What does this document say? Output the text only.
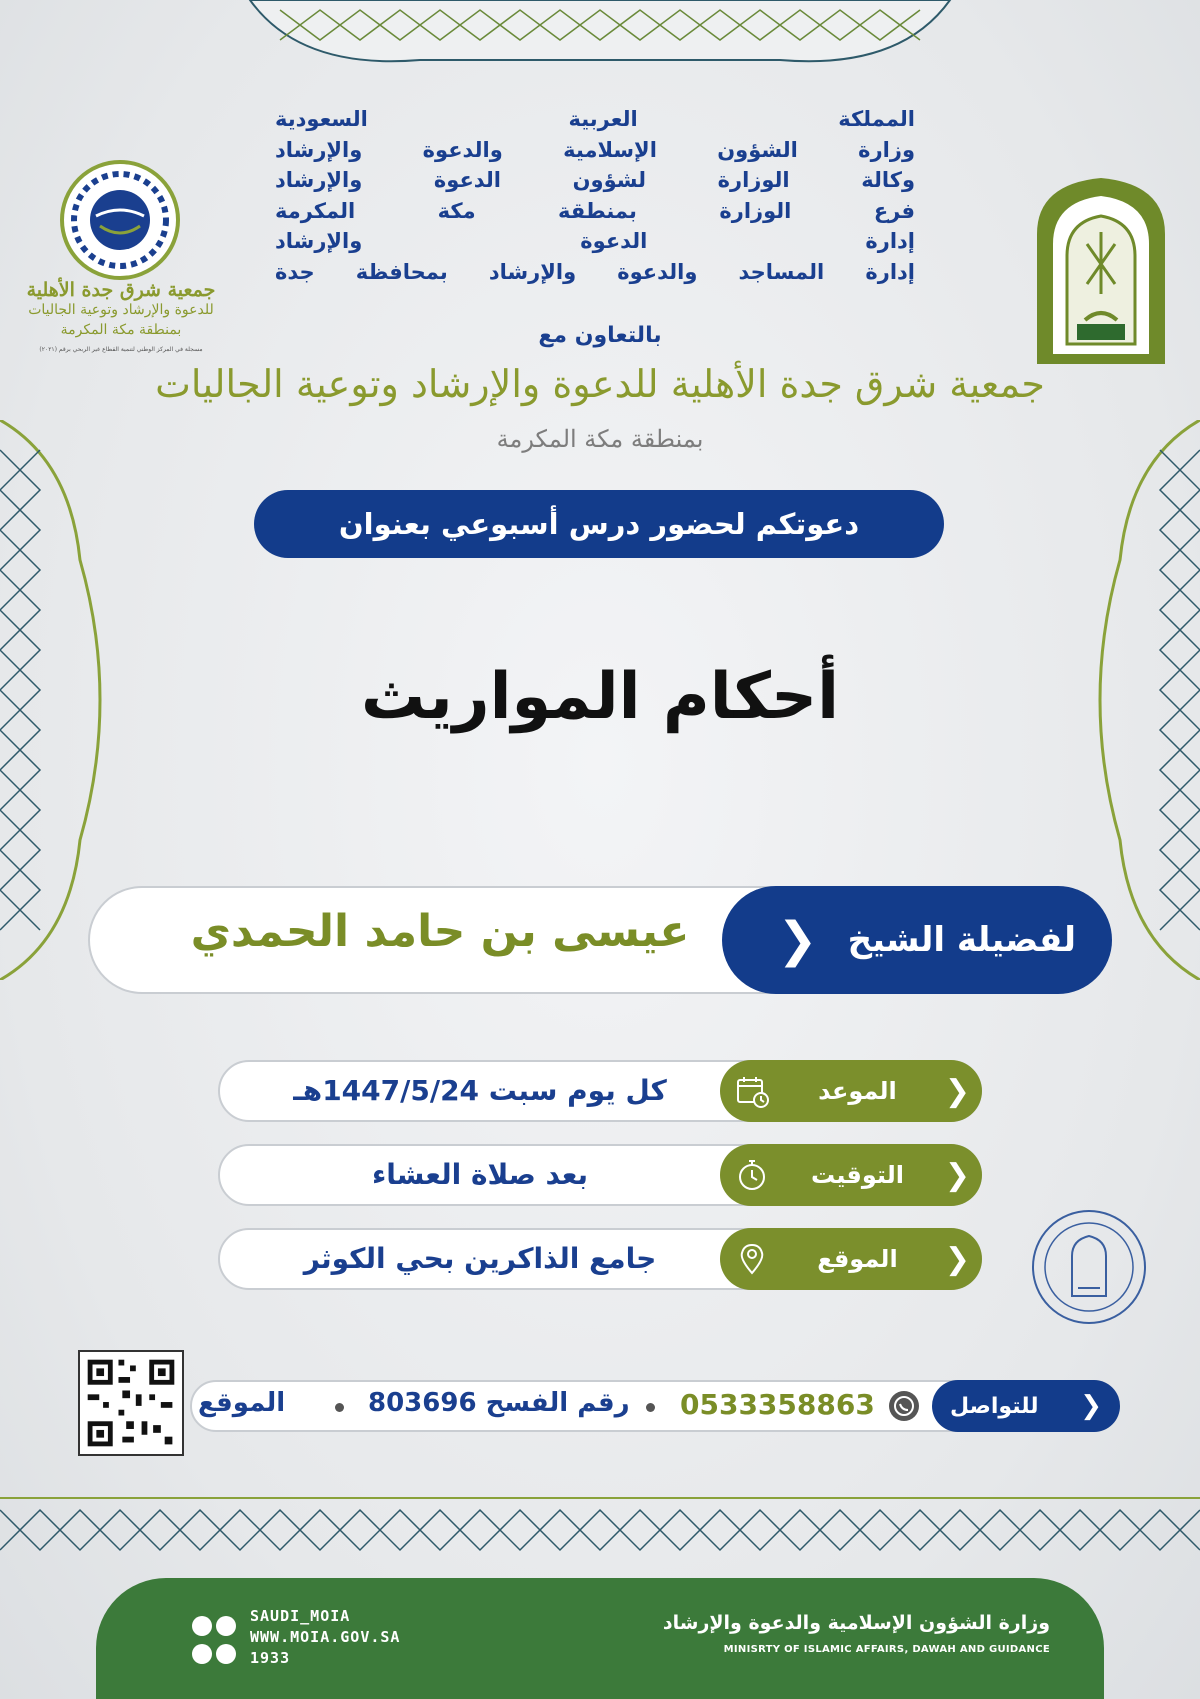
جمعية شرق جدة الأهلية
للدعوة والإرشاد وتوعية الجاليات
بمنطقة مكة المكرمة
مسجلة في المركز الوطني لتنمية القطاع غير الربحي برقم (٢٠٢١)
المملكة العربية السعودية
وزارة الشؤون الإسلامية والدعوة والإرشاد
وكالة الوزارة لشؤون الدعوة والإرشاد
فرع الوزارة بمنطقة مكة المكرمة
إدارة الدعوة والإرشاد
إدارة المساجد والدعوة والإرشاد بمحافظة جدة
بالتعاون مع
جمعية شرق جدة الأهلية للدعوة والإرشاد وتوعية الجاليات
بمنطقة مكة المكرمة
دعوتكم لحضور درس أسبوعي بعنوان
أحكام المواريث
لفضيلة الشيخ
❮
عيسى بن حامد الحمدي
❮
الموعد
كل يوم سبت 1447/5/24هـ
❮
التوقيت
بعد صلاة العشاء
❮
الموقع
جامع الذاكرين بحي الكوثر
❮
للتواصل
0533358863
رقم الفسح 803696
الموقع
وزارة الشؤون الإسلامية والدعوة والإرشاد
MINISRTY OF ISLAMIC AFFAIRS, DAWAH AND GUIDANCE

SAUDI_MOIA
WWW.MOIA.GOV.SA
1933
